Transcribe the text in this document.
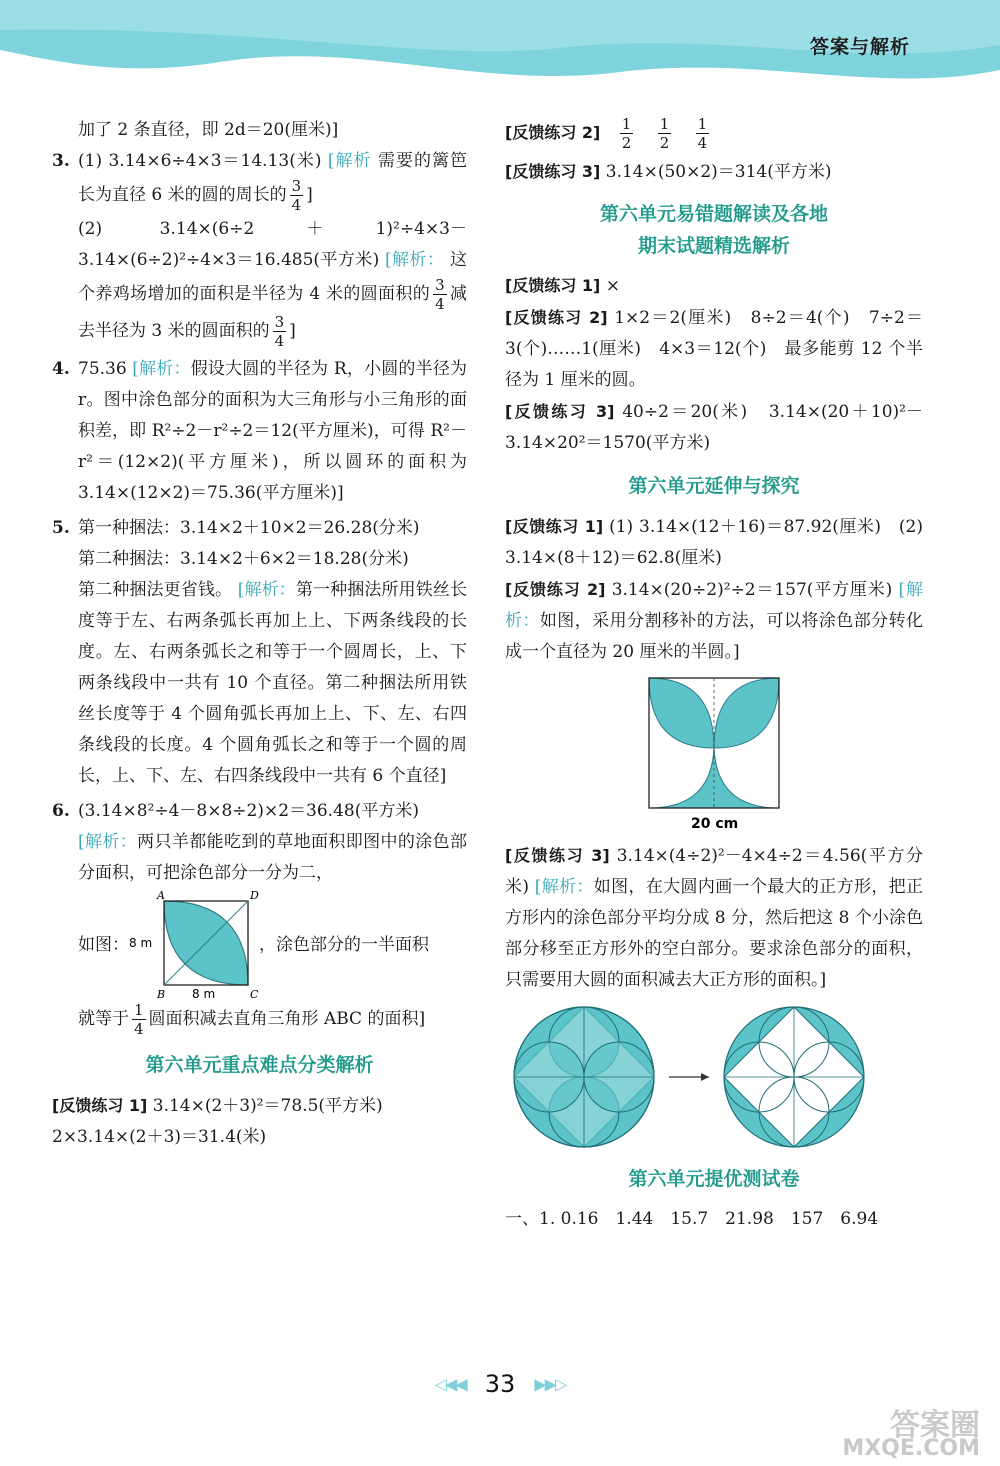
答案与解析

加了 2 条直径，即 2d＝20(厘米)]

3. (1) 3.14×6÷4×3＝14.13(米) [解析 需要的篱笆长为直径 6 米的圆的周长的 $\frac{3}{4}$ ]

(2) 3.14×(6÷2＋1)²÷4×3－3.14×(6÷2)²÷4×3＝16.485(平方米) [解析： 这个养鸡场增加的面积是半径为 4 米的圆面积的 $\frac{3}{4}$ 减去半径为 3 米的圆面积的 $\frac{3}{4}$ ]

4. 75.36 [解析：假设大圆的半径为 R，小圆的半径为 r。图中涂色部分的面积为大三角形与小三角形的面积差，即 R²÷2－r²÷2＝12(平方厘米)，可得 R²－r²＝(12×2)(平方厘米)，所以圆环的面积为 3.14×(12×2)＝75.36(平方厘米)]

5. 第一种捆法：3.14×2＋10×2＝26.28(分米)

第二种捆法：3.14×2＋6×2＝18.28(分米)

第二种捆法更省钱。 [解析：第一种捆法所用铁丝长度等于左、右两条弧长再加上上、下两条线段的长度。左、右两条弧长之和等于一个圆周长，上、下两条线段中一共有 10 个直径。第二种捆法所用铁丝长度等于 4 个圆角弧长再加上上、下、左、右四条线段的长度。4 个圆角弧长之和等于一个圆的周长，上、下、左、右四条线段中一共有 6 个直径]

6. (3.14×8²÷4－8×8÷2)×2＝36.48(平方米)

[解析：两只羊都能吃到的草地面积即图中的涂色部分面积，可把涂色部分一分为二，

如图：
A	D
B	C
8 m
8 m
，涂色部分的一半面积

就等于 $\frac{1}{4}$ 圆面积减去直角三角形 ABC 的面积]

第六单元重点难点分类解析

[反馈练习 1] 3.14×(2＋3)²＝78.5(平方米)

2×3.14×(2＋3)＝31.4(米)

[反馈练习 $2] \frac{1}{2}$
$\frac{1}{2}$
$\frac{1}{4}$

[反馈练习 3] 3.14×(50×2)＝314(平方米)

第六单元易错题解读及各地
期末试题精选解析

[反馈练习 1] ×

[反馈练习 2] 1×2＝2(厘米)　8÷2＝4(个)　7÷2＝3(个)……1(厘米)　4×3＝12(个)　最多能剪 12 个半径为 1 厘米的圆。

[反馈练习 3] 40÷2＝20(米)　3.14×(20＋10)²－3.14×20²＝1570(平方米)

第六单元延伸与探究

[反馈练习 1] (1) 3.14×(12＋16)＝87.92(厘米)　(2) 3.14×(8＋12)＝62.8(厘米)

[反馈练习 2] 3.14×(20÷2)²÷2＝157(平方厘米) [解析：如图，采用分割移补的方法，可以将涂色部分转化成一个直径为 20 厘米的半圆。]

20 cm

[反馈练习 3] 3.14×(4÷2)²－4×4÷2＝4.56(平方分米) [解析：如图，在大圆内画一个最大的正方形，把正方形内的涂色部分平均分成 8 分，然后把这 8 个小涂色部分移至正方形外的空白部分。要求涂色部分的面积，只需要用大圆的面积减去大正方形的面积。]

第六单元提优测试卷

一、1. 0.16　1.44　15.7　21.98　157　6.94

◁◀◀ 33 ▶▶▷
答案圈
MXQE.COM
